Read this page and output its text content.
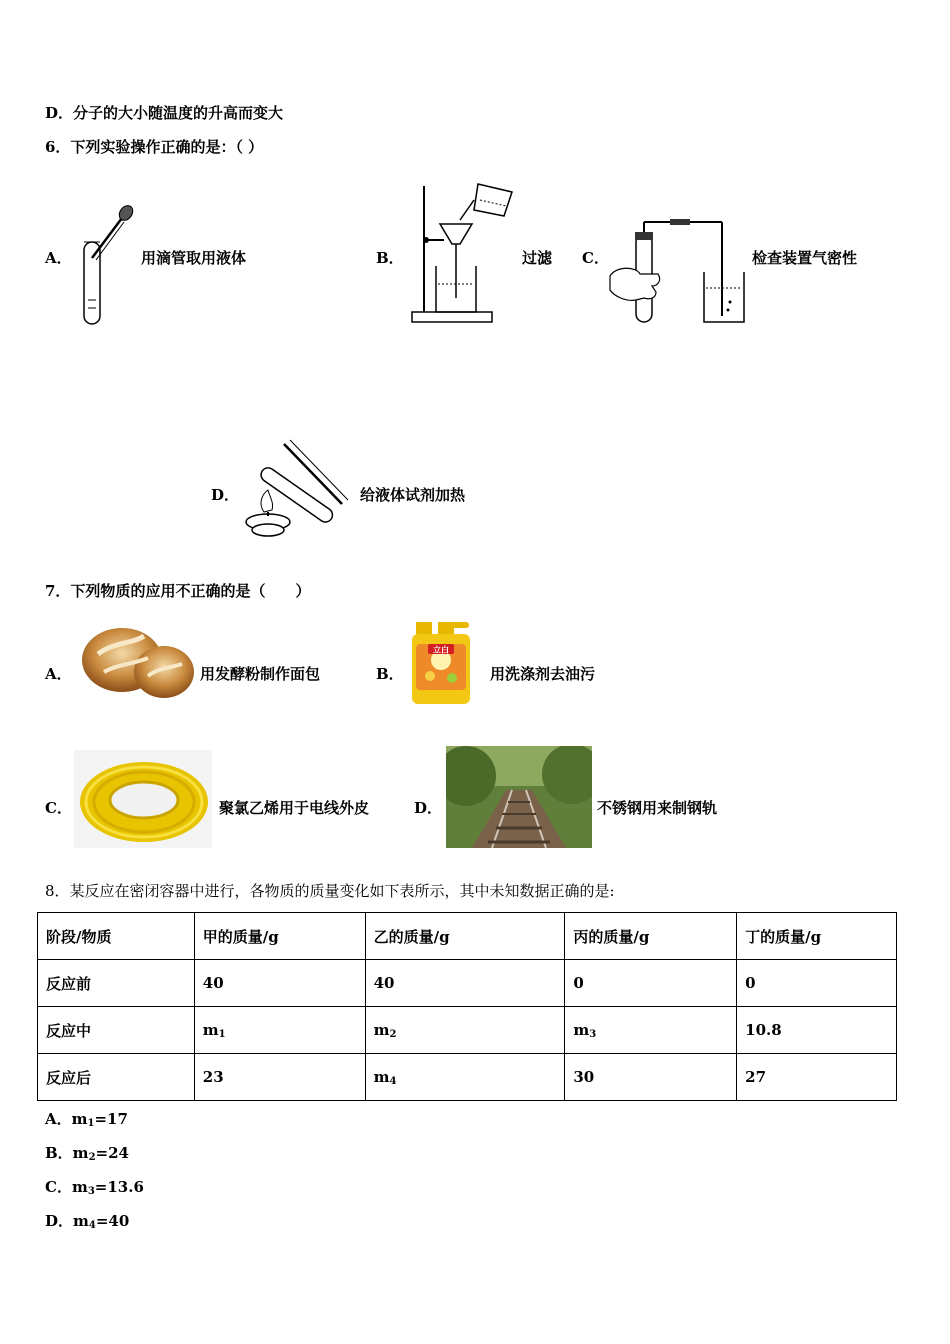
D．分子的大小随温度的升高而变大
6．下列实验操作正确的是：（ ）
A．	用滴管取用液体	B．	过滤 C．	检查装置气密性
D．	给液体试剂加热
7．下列物质的应用不正确的是（　　）
A．	用发酵粉制作面包	B．
立白
用洗涤剂去油污
C．	聚氯乙烯用于电线外皮	D．	不锈钢用来制钢轨
8．某反应在密闭容器中进行，各物质的质量变化如下表所示，其中未知数据正确的是:
阶段/物质	甲的质量/g	乙的质量/g	丙的质量/g	丁的质量/g
反应前	40	40	0	0
反应中	$m_1$	$m_2$	$m_3$	10.8
反应后	23	$m_4$	30	27
A．$m_1=17$
B．$m_2=24$
C．$m_3=13.6$
D．$m_4=40$
